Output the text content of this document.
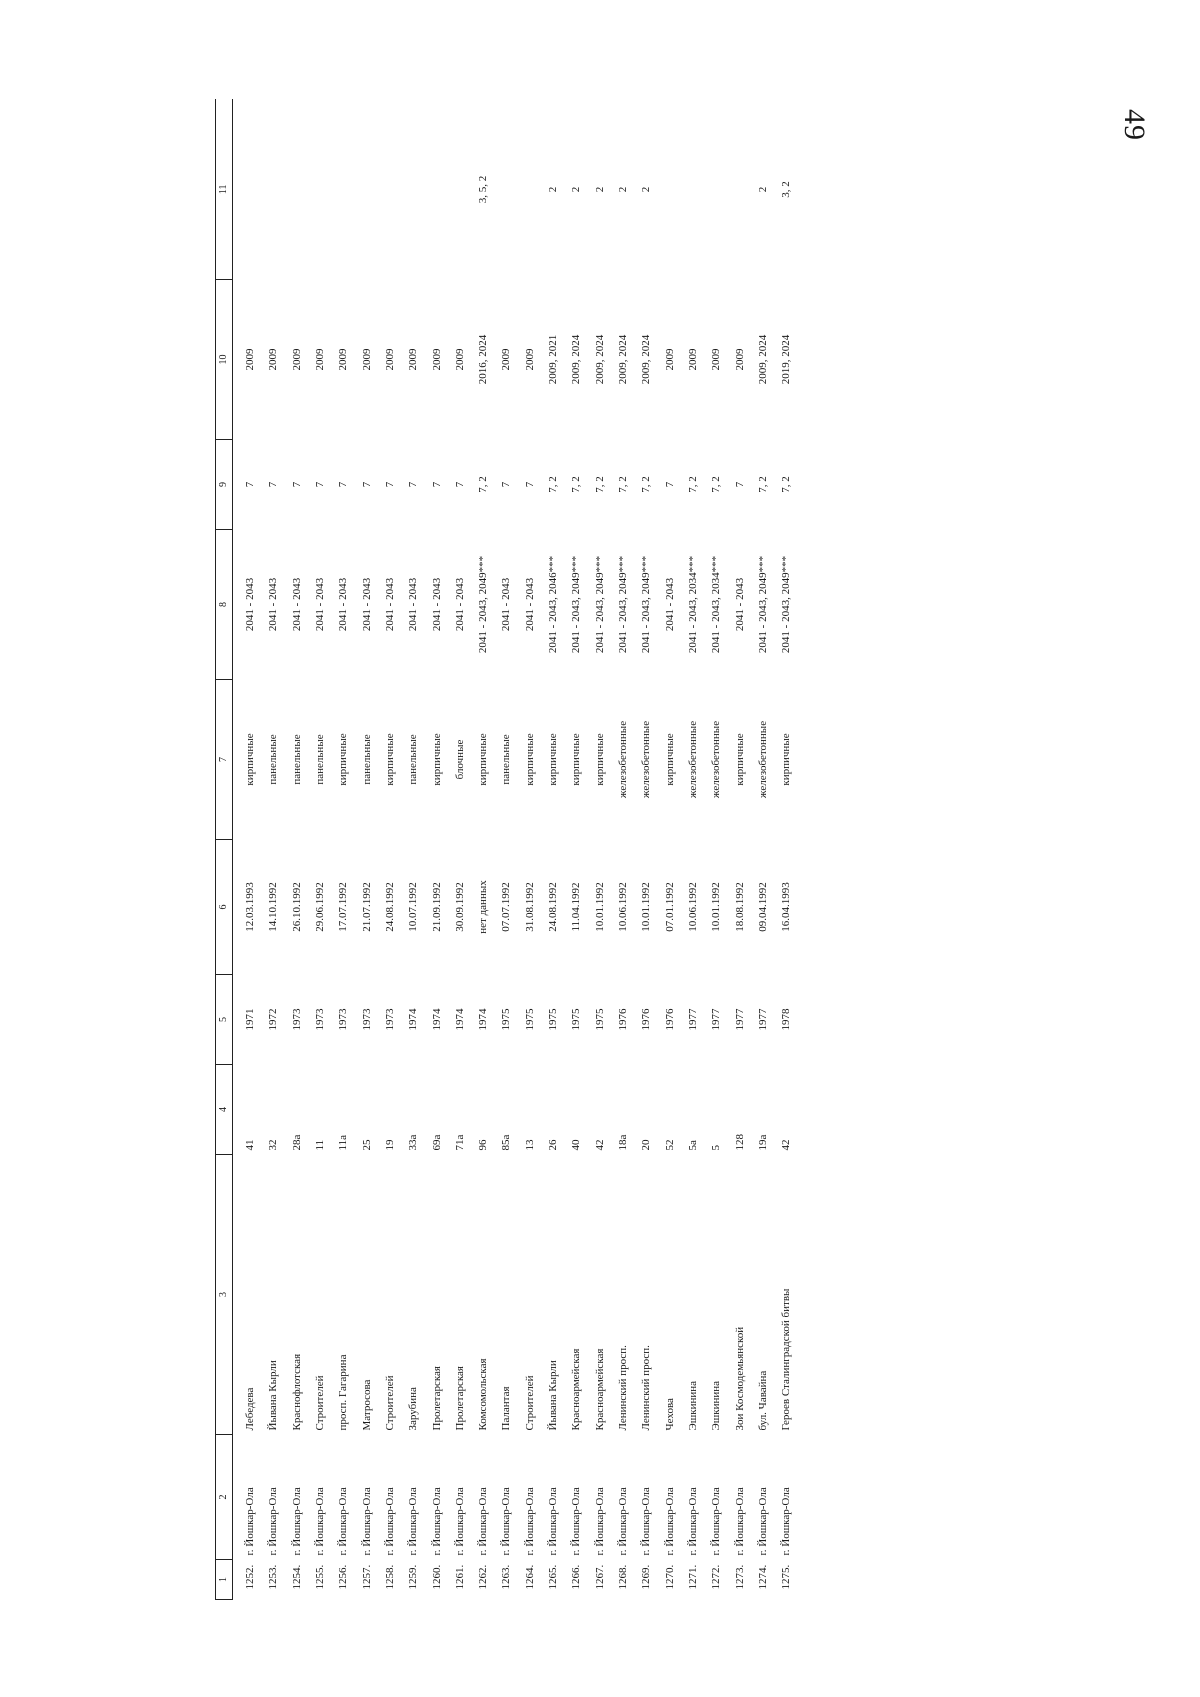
49
1	2	3	4	5	6	7	8	9	10	11
1252.	г. Йошкар-Ола	Лебедева	41	1971	12.03.1993	кирпичные	2041 - 2043	7	2009	
1253.	г. Йошкар-Ола	Йывана Кырли	32	1972	14.10.1992	панельные	2041 - 2043	7	2009	
1254.	г. Йошкар-Ола	Краснофлотская	28а	1973	26.10.1992	панельные	2041 - 2043	7	2009	
1255.	г. Йошкар-Ола	Строителей	11	1973	29.06.1992	панельные	2041 - 2043	7	2009	
1256.	г. Йошкар-Ола	просп. Гагарина	11а	1973	17.07.1992	кирпичные	2041 - 2043	7	2009	
1257.	г. Йошкар-Ола	Матросова	25	1973	21.07.1992	панельные	2041 - 2043	7	2009	
1258.	г. Йошкар-Ола	Строителей	19	1973	24.08.1992	кирпичные	2041 - 2043	7	2009	
1259.	г. Йошкар-Ола	Зарубина	33а	1974	10.07.1992	панельные	2041 - 2043	7	2009	
1260.	г. Йошкар-Ола	Пролетарская	69а	1974	21.09.1992	кирпичные	2041 - 2043	7	2009	
1261.	г. Йошкар-Ола	Пролетарская	71а	1974	30.09.1992	блочные	2041 - 2043	7	2009	
1262.	г. Йошкар-Ола	Комсомольская	96	1974	нет данных	кирпичные	2041 - 2043, 2049***	7, 2	2016, 2024	3, 5, 2
1263.	г. Йошкар-Ола	Палантая	85а	1975	07.07.1992	панельные	2041 - 2043	7	2009	
1264.	г. Йошкар-Ола	Строителей	13	1975	31.08.1992	кирпичные	2041 - 2043	7	2009	
1265.	г. Йошкар-Ола	Йывана Кырли	26	1975	24.08.1992	кирпичные	2041 - 2043, 2046***	7, 2	2009, 2021	2
1266.	г. Йошкар-Ола	Красноармейская	40	1975	11.04.1992	кирпичные	2041 - 2043, 2049***	7, 2	2009, 2024	2
1267.	г. Йошкар-Ола	Красноармейская	42	1975	10.01.1992	кирпичные	2041 - 2043, 2049***	7, 2	2009, 2024	2
1268.	г. Йошкар-Ола	Ленинский просп.	18а	1976	10.06.1992	железобетонные	2041 - 2043, 2049***	7, 2	2009, 2024	2
1269.	г. Йошкар-Ола	Ленинский просп.	20	1976	10.01.1992	железобетонные	2041 - 2043, 2049***	7, 2	2009, 2024	2
1270.	г. Йошкар-Ола	Чехова	52	1976	07.01.1992	кирпичные	2041 - 2043	7	2009	
1271.	г. Йошкар-Ола	Эшкинина	5а	1977	10.06.1992	железобетонные	2041 - 2043, 2034***	7, 2	2009	
1272.	г. Йошкар-Ола	Эшкинина	5	1977	10.01.1992	железобетонные	2041 - 2043, 2034***	7, 2	2009	
1273.	г. Йошкар-Ола	Зои Космодемьянской	128	1977	18.08.1992	кирпичные	2041 - 2043	7	2009	
1274.	г. Йошкар-Ола	бул. Чавайна	19а	1977	09.04.1992	железобетонные	2041 - 2043, 2049***	7, 2	2009, 2024	2
1275.	г. Йошкар-Ола	Героев Сталинградской битвы	42	1978	16.04.1993	кирпичные	2041 - 2043, 2049***	7, 2	2019, 2024	3, 2
